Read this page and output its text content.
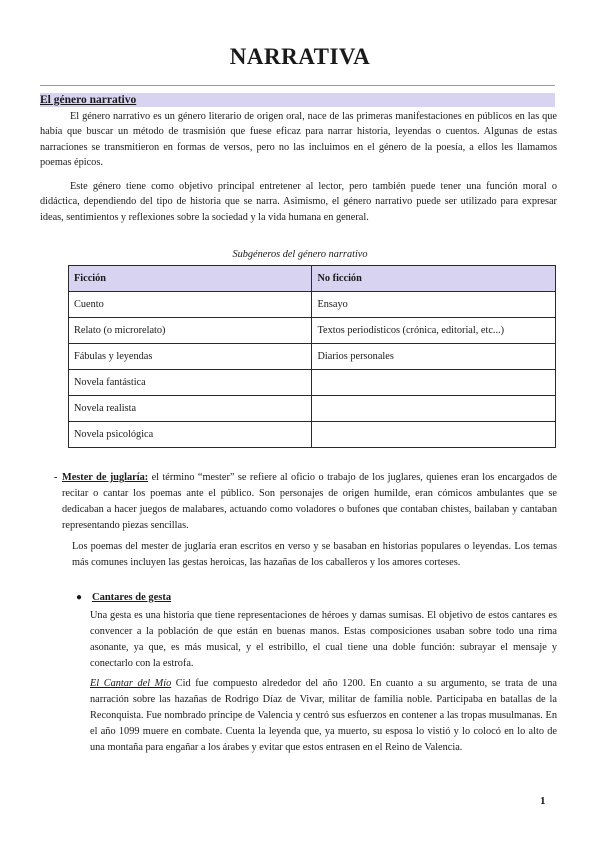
NARRATIVA
El género narrativo

El género narrativo es un género literario de origen oral, nace de las primeras manifestaciones en públicos en las que había que buscar un método de trasmisión que fuese eficaz para narrar historia, leyendas o cuentos. Algunas de estas narraciones se transmitieron en formas de versos, pero no las incluimos en el género de la poesía, a ellos les llamamos poemas épicos.

Este género tiene como objetivo principal entretener al lector, pero también puede tener una función moral o didáctica, dependiendo del tipo de historia que se narra. Asimismo, el género narrativo puede ser utilizado para expresar ideas, sentimientos y reflexiones sobre la sociedad y la vida humana en general.

Subgéneros del género narrativo
Ficción	No ficción
Cuento	Ensayo
Relato (o microrelato)	Textos periodísticos (crónica, editorial, etc...)
Fábulas y leyendas	Diarios personales
Novela fantástica	
Novela realista	
Novela psicológica	

- Mester de juglaría: el término “mester” se refiere al oficio o trabajo de los juglares, quienes eran los encargados de recitar o cantar los poemas ante el público. Son personajes de origen humilde, eran cómicos ambulantes que se dedicaban a hacer juegos de malabares, actuando como voladores o bufones que contaban chistes, bailaban y cantaban representando piezas sencillas.

Los poemas del mester de juglaría eran escritos en verso y se basaban en historias populares o leyendas. Los temas más comunes incluyen las gestas heroicas, las hazañas de los caballeros y los amores corteses.

● Cantares de gesta

Una gesta es una historia que tiene representaciones de héroes y damas sumisas. El objetivo de estos cantares es convencer a la población de que están en buenas manos. Estas composiciones usaban sobre todo una rima asonante, ya que, es más musical, y el estribillo, el cual tiene una doble función: subrayar el mensaje y conectarlo con la estrofa.

El Cantar del Mío Cid fue compuesto alrededor del año 1200. En cuanto a su argumento, se trata de una narración sobre las hazañas de Rodrigo Díaz de Vivar, militar de familia noble. Participaba en batallas de la Reconquista. Fue nombrado príncipe de Valencia y centró sus esfuerzos en contener a las tropas musulmanas. En el año 1099 muere en combate. Cuenta la leyenda que, ya muerto, su esposa lo vistió y lo colocó en lo alto de una montaña para engañar a los árabes y evitar que estos entrasen en el Reino de Valencia.

1
